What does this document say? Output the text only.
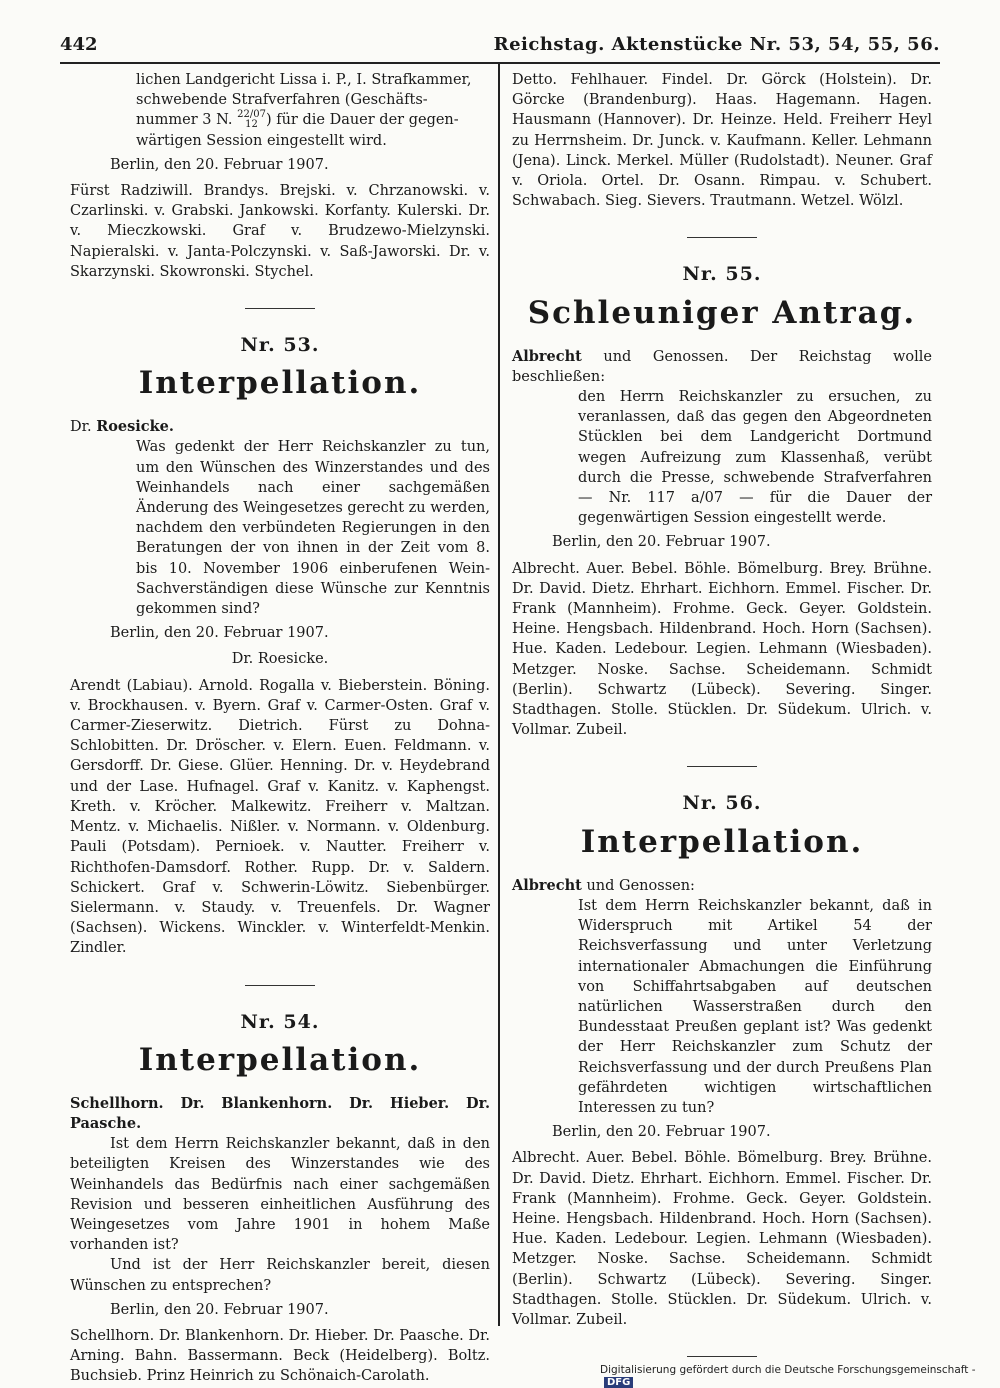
442	Reichstag. Aktenstücke Nr. 53, 54, 55, 56.

lichen Landgericht Lissa i. P., I. Strafkammer,

schwebende Strafverfahren (Geschäfts-

nummer 3 N. 22/07
12 ) für die Dauer der gegen-

wärtigen Session eingestellt wird.

Berlin, den 20. Februar 1907.

Fürst Radziwill. Brandys. Brejski. v. Chrzanowski. v. Czarlinski. v. Grabski. Jankowski. Korfanty. Kulerski. Dr. v. Mieczkowski. Graf v. Brudzewo-Mielzynski. Napieralski. v. Janta-Polczynski. v. Saß-Jaworski. Dr. v. Skarzynski. Skowronski. Stychel.

Nr. 53.
Interpellation.

Dr. Roesicke.

Was gedenkt der Herr Reichskanzler zu tun, um den Wünschen des Winzerstandes und des Weinhandels nach einer sachgemäßen Änderung des Weingesetzes gerecht zu werden, nachdem den verbündeten Regierungen in den Beratungen der von ihnen in der Zeit vom 8. bis 10. November 1906 einberufenen Wein-Sachverständigen diese Wünsche zur Kenntnis gekommen sind?

Berlin, den 20. Februar 1907.

Dr. Roesicke.

Arendt (Labiau). Arnold. Rogalla v. Bieberstein. Böning. v. Brockhausen. v. Byern. Graf v. Carmer-Osten. Graf v. Carmer-Zieserwitz. Dietrich. Fürst zu Dohna-Schlobitten. Dr. Dröscher. v. Elern. Euen. Feldmann. v. Gersdorff. Dr. Giese. Glüer. Henning. Dr. v. Heydebrand und der Lase. Hufnagel. Graf v. Kanitz. v. Kaphengst. Kreth. v. Kröcher. Malkewitz. Freiherr v. Maltzan. Mentz. v. Michaelis. Nißler. v. Normann. v. Oldenburg. Pauli (Potsdam). Pernioek. v. Nautter. Freiherr v. Richthofen-Damsdorf. Rother. Rupp. Dr. v. Saldern. Schickert. Graf v. Schwerin-Löwitz. Siebenbürger. Sielermann. v. Staudy. v. Treuenfels. Dr. Wagner (Sachsen). Wickens. Winckler. v. Winterfeldt-Menkin. Zindler.

Nr. 54.
Interpellation.

Schellhorn. Dr. Blankenhorn. Dr. Hieber. Dr. Paasche.

Ist dem Herrn Reichskanzler bekannt, daß in den beteiligten Kreisen des Winzerstandes wie des Weinhandels das Bedürfnis nach einer sachgemäßen Revision und besseren einheitlichen Ausführung des Weingesetzes vom Jahre 1901 in hohem Maße vorhanden ist?

Und ist der Herr Reichskanzler bereit, diesen Wünschen zu entsprechen?

Berlin, den 20. Februar 1907.

Schellhorn. Dr. Blankenhorn. Dr. Hieber. Dr. Paasche. Dr. Arning. Bahn. Bassermann. Beck (Heidelberg). Boltz. Buchsieb. Prinz Heinrich zu Schönaich-Carolath.

Detto. Fehlhauer. Findel. Dr. Görck (Holstein). Dr. Görcke (Brandenburg). Haas. Hagemann. Hagen. Hausmann (Hannover). Dr. Heinze. Held. Freiherr Heyl zu Herrnsheim. Dr. Junck. v. Kaufmann. Keller. Lehmann (Jena). Linck. Merkel. Müller (Rudolstadt). Neuner. Graf v. Oriola. Ortel. Dr. Osann. Rimpau. v. Schubert. Schwabach. Sieg. Sievers. Trautmann. Wetzel. Wölzl.

Nr. 55.
Schleuniger Antrag.

Albrecht und Genossen. Der Reichstag wolle beschließen:

den Herrn Reichskanzler zu ersuchen, zu veranlassen, daß das gegen den Abgeordneten Stücklen bei dem Landgericht Dortmund wegen Aufreizung zum Klassenhaß, verübt durch die Presse, schwebende Strafverfahren — Nr. 117 a/07 — für die Dauer der gegenwärtigen Session eingestellt werde.

Berlin, den 20. Februar 1907.

Albrecht. Auer. Bebel. Böhle. Bömelburg. Brey. Brühne. Dr. David. Dietz. Ehrhart. Eichhorn. Emmel. Fischer. Dr. Frank (Mannheim). Frohme. Geck. Geyer. Goldstein. Heine. Hengsbach. Hildenbrand. Hoch. Horn (Sachsen). Hue. Kaden. Ledebour. Legien. Lehmann (Wiesbaden). Metzger. Noske. Sachse. Scheidemann. Schmidt (Berlin). Schwartz (Lübeck). Severing. Singer. Stadthagen. Stolle. Stücklen. Dr. Südekum. Ulrich. v. Vollmar. Zubeil.

Nr. 56.
Interpellation.

Albrecht und Genossen:

Ist dem Herrn Reichskanzler bekannt, daß in Widerspruch mit Artikel 54 der Reichsverfassung und unter Verletzung internationaler Abmachungen die Einführung von Schiffahrtsabgaben auf deutschen natürlichen Wasserstraßen durch den Bundesstaat Preußen geplant ist? Was gedenkt der Herr Reichskanzler zum Schutz der Reichsverfassung und der durch Preußens Plan gefährdeten wichtigen wirtschaftlichen Interessen zu tun?

Berlin, den 20. Februar 1907.

Albrecht. Auer. Bebel. Böhle. Bömelburg. Brey. Brühne. Dr. David. Dietz. Ehrhart. Eichhorn. Emmel. Fischer. Dr. Frank (Mannheim). Frohme. Geck. Geyer. Goldstein. Heine. Hengsbach. Hildenbrand. Hoch. Horn (Sachsen). Hue. Kaden. Ledebour. Legien. Lehmann (Wiesbaden). Metzger. Noske. Sachse. Scheidemann. Schmidt (Berlin). Schwartz (Lübeck). Severing. Singer. Stadthagen. Stolle. Stücklen. Dr. Südekum. Ulrich. v. Vollmar. Zubeil.

Digitalisierung gefördert durch die Deutsche Forschungsgemeinschaft -DFG
